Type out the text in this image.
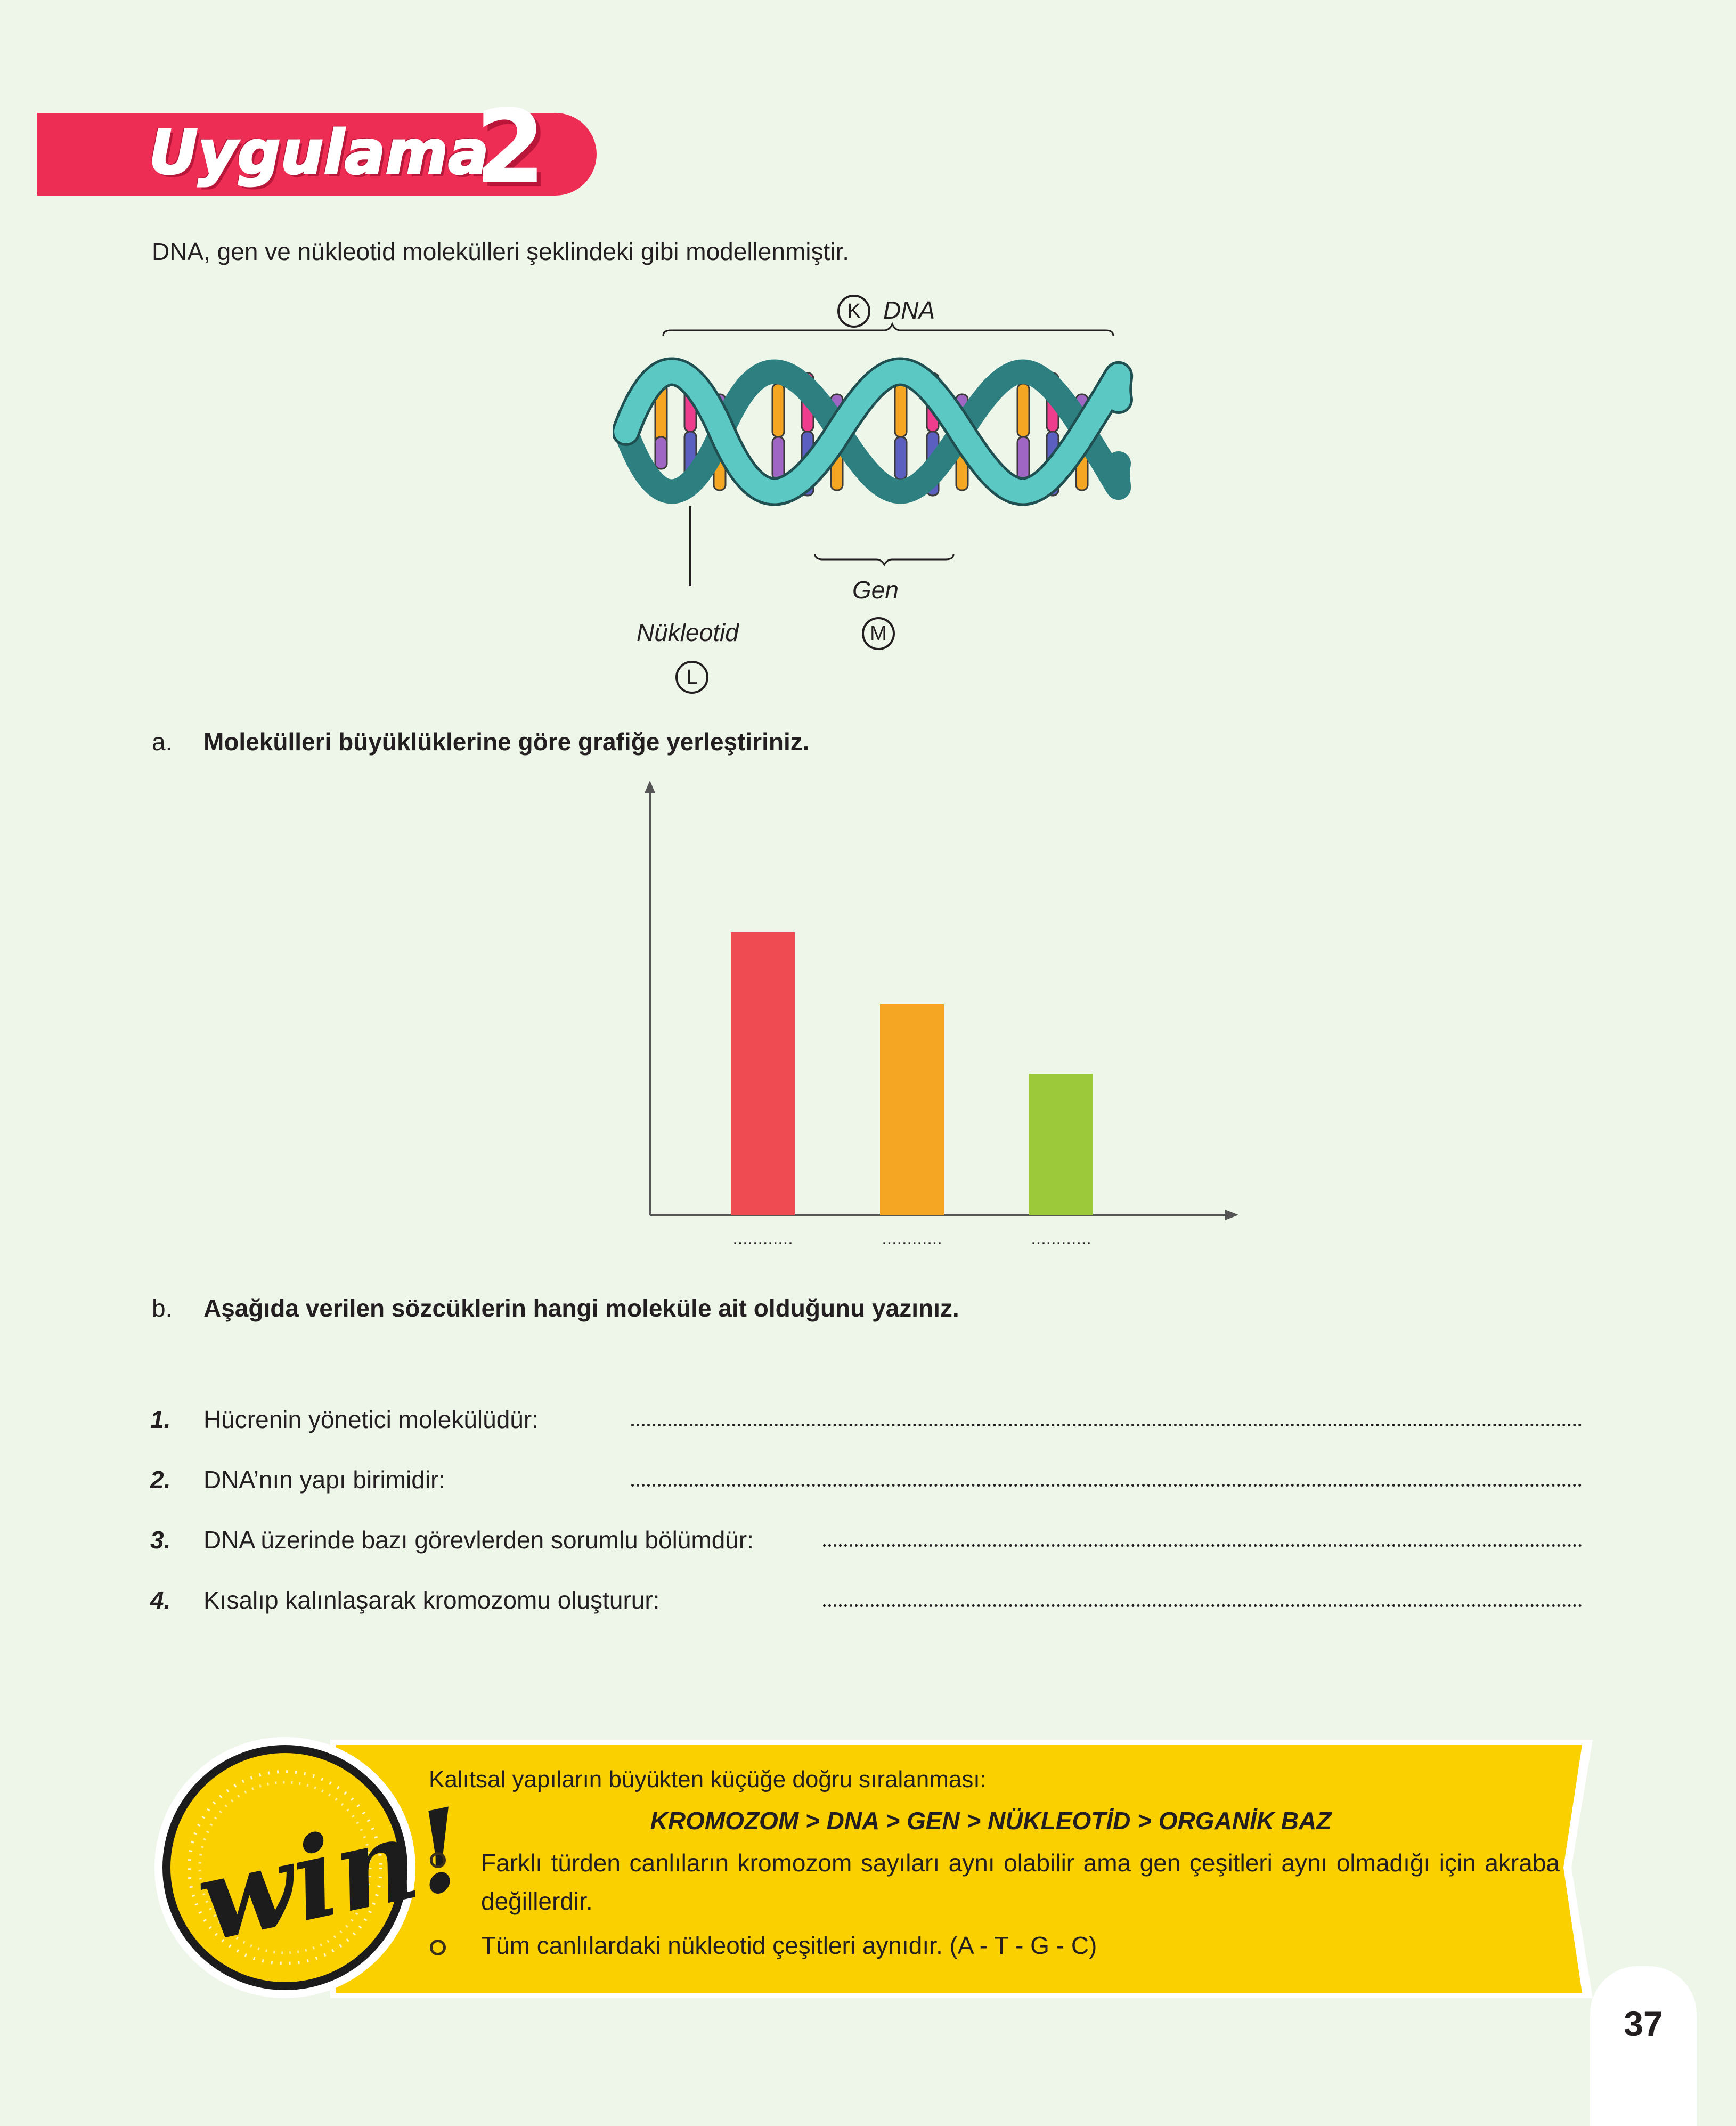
Uygulama
2
DNA, gen ve nükleotid molekülleri şeklindeki gibi modellenmiştir.
K DNA
Gen
M
Nükleotid
L
a. Molekülleri büyüklüklerine göre grafiğe yerleştiriniz.
............	............	............
b. Aşağıda verilen sözcüklerin hangi moleküle ait olduğunu yazınız.
1. Hücrenin yönetici molekülüdür:
2. DNA’nın yapı birimidir:
3. DNA üzerinde bazı görevlerden sorumlu bölümdür:
4. Kısalıp kalınlaşarak kromozomu oluşturur:
win!
Kalıtsal yapıların büyükten küçüğe doğru sıralanması:
KROMOZOM > DNA > GEN > NÜKLEOTİD > ORGANİK BAZ
Farklı türden canlıların kromozom sayıları aynı olabilir ama gen çeşitleri aynı olmadığı için akraba değillerdir.
Tüm canlılardaki nükleotid çeşitleri aynıdır. (A - T - G - C)
37
